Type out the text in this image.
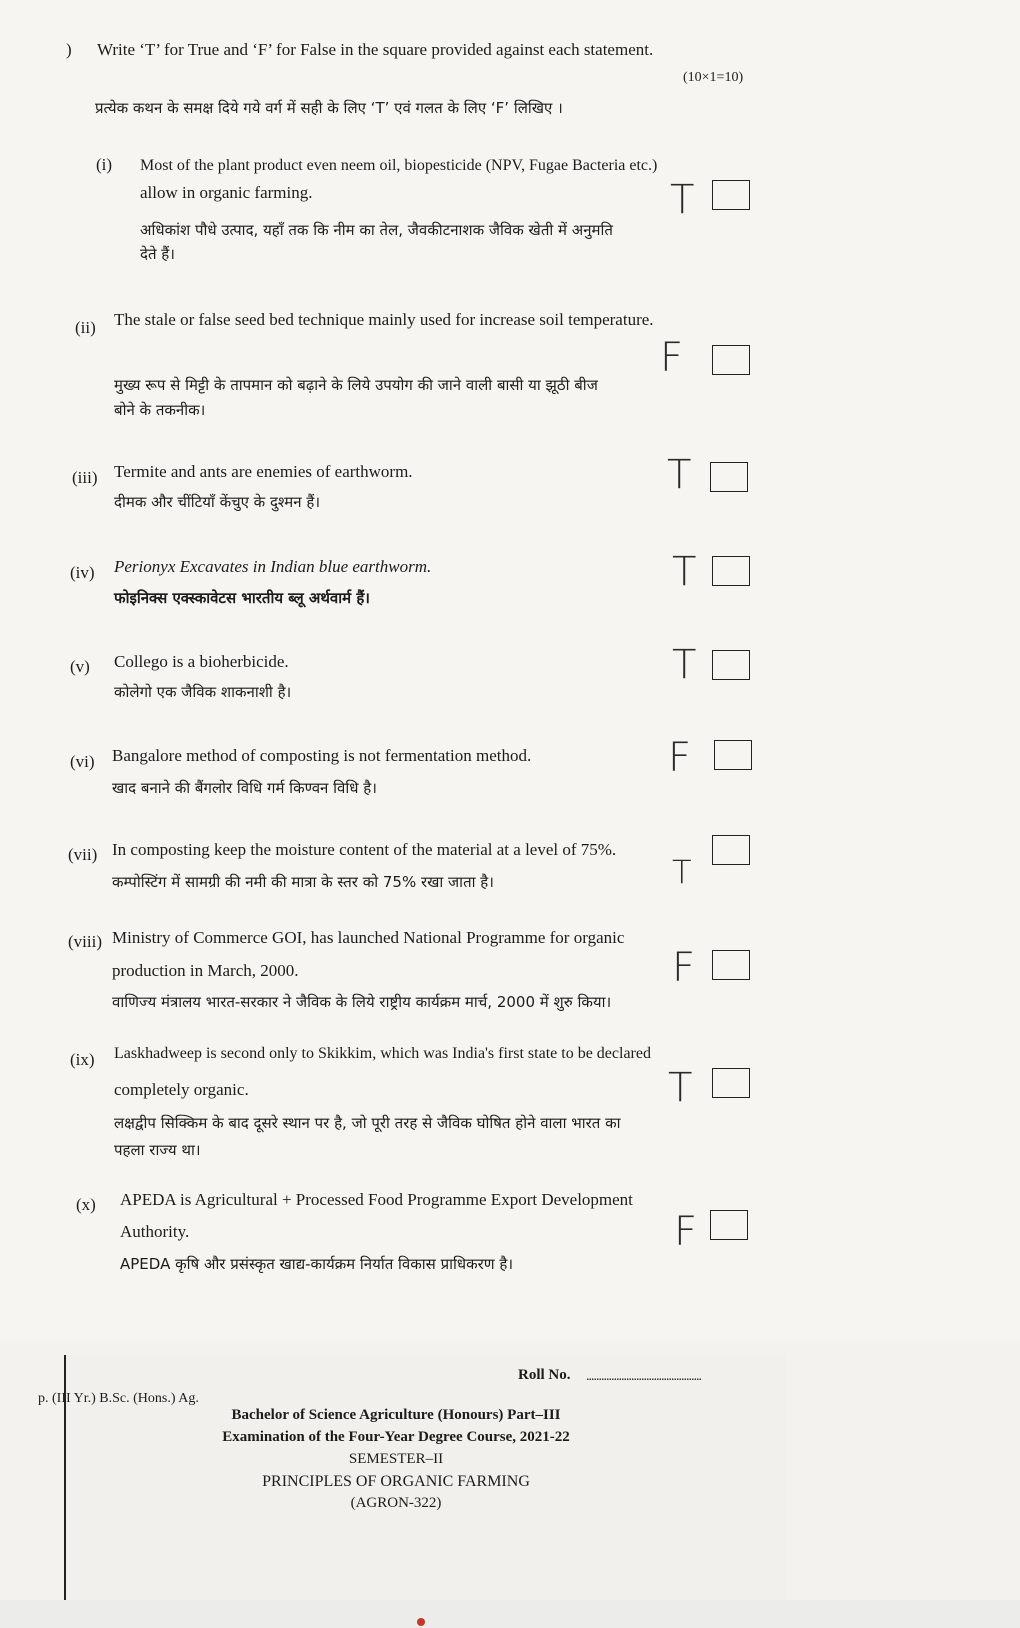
) Write ‘T’ for True and ‘F’ for False in the square provided against each statement.
(10×1=10)
प्रत्येक कथन के समक्ष दिये गये वर्ग में सही के लिए ‘T’ एवं गलत के लिए ‘F’ लिखिए ।
(i) Most of the plant product even neem oil, biopesticide (NPV, Fugae Bacteria etc.)
allow in organic farming.
अधिकांश पौधे उत्पाद, यहाँ तक कि नीम का तेल, जैवकीटनाशक जैविक खेती में अनुमति
देते हैं।
T
(ii) The stale or false seed bed technique mainly used for increase soil temperature.
F
मुख्य रूप से मिट्टी के तापमान को बढ़ाने के लिये उपयोग की जाने वाली बासी या झूठी बीज
बोने के तकनीक।
(iii) Termite and ants are enemies of earthworm.
दीमक और चींटियाँ केंचुए के दुश्मन हैं।
T
(iv) Perionyx Excavates in Indian blue earthworm.
फोइनिक्स एक्स्कावेटस भारतीय ब्लू अर्थवार्म हैं।
T
(v) Collego is a bioherbicide.
कोलेगो एक जैविक शाकनाशी है।
T
(vi) Bangalore method of composting is not fermentation method.
खाद बनाने की बैंगलोर विधि गर्म किण्वन विधि है।
F
(vii) In composting keep the moisture content of the material at a level of 75%.
कम्पोस्टिंग में सामग्री की नमी की मात्रा के स्तर को 75% रखा जाता है।	T
(viii) Ministry of Commerce GOI, has launched National Programme for organic
production in March, 2000.
वाणिज्य मंत्रालय भारत-सरकार ने जैविक के लिये राष्ट्रीय कार्यक्रम मार्च, 2000 में शुरु किया।
F
(ix) Laskhadweep is second only to Skikkim, which was India's first state to be declared
completely organic.
लक्षद्वीप सिक्किम के बाद दूसरे स्थान पर है, जो पूरी तरह से जैविक घोषित होने वाला भारत का
पहला राज्य था।
T
(x) APEDA is Agricultural + Processed Food Programme Export Development
Authority.
APEDA कृषि और प्रसंस्कृत खाद्य-कार्यक्रम निर्यात विकास प्राधिकरण है।
F
Roll No. ..............................................
p. (III Yr.) B.Sc. (Hons.) Ag.
Bachelor of Science Agriculture (Honours) Part–III
Examination of the Four-Year Degree Course, 2021-22
SEMESTER–II
PRINCIPLES OF ORGANIC FARMING
(AGRON-322)
